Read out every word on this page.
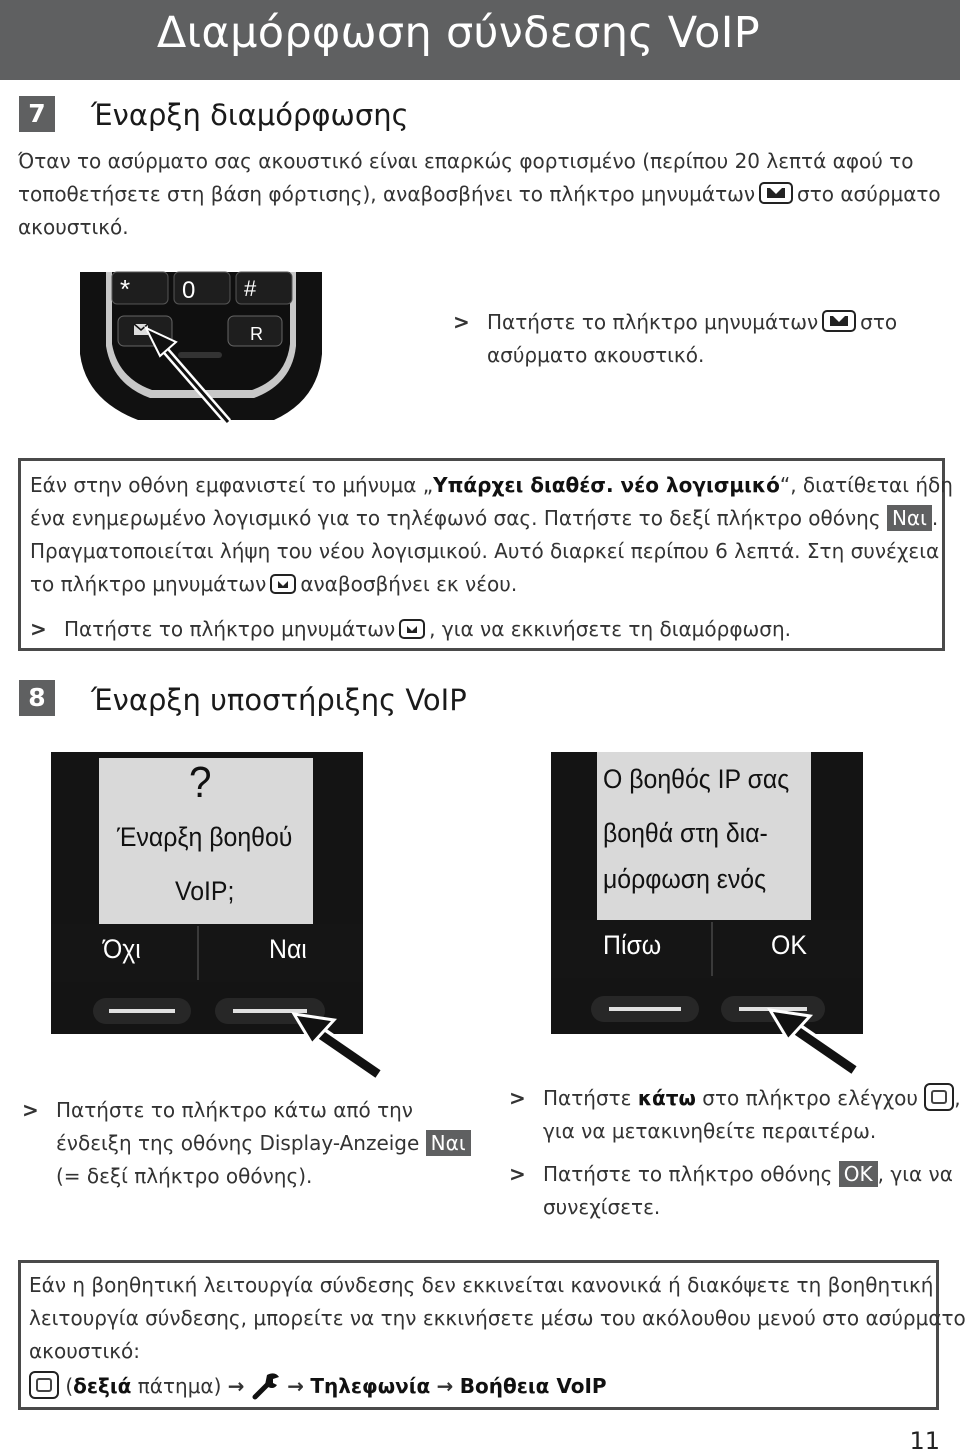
Διαμόρφωση σύνδεσης VoIP
7	Έναρξη διαμόρφωσης
Όταν το ασύρματο σας ακουστικό είναι επαρκώς φορτισμένο (περίπου 20 λεπτά αφού το
τοποθετήσετε στη βάση φόρτισης), αναβοσβήνει το πλήκτρο μηνυμάτων στο ασύρματο
ακουστικό.
* 0 #
R
>	Πατήστε το πλήκτρο μηνυμάτων στο
ασύρματο ακουστικό.
Εάν στην οθόνη εμφανιστεί το μήνυμα „Υπάρχει διαθέσ. νέο λογισμικό“, διατίθεται ήδη
ένα ενημερωμένο λογισμικό για το τηλέφωνό σας. Πατήστε το δεξί πλήκτρο οθόνης Ναι .
Πραγματοποιείται λήψη του νέου λογισμικού. Αυτό διαρκεί περίπου 6 λεπτά. Στη συνέχεια
το πλήκτρο μηνυμάτων αναβοσβήνει εκ νέου.
> Πατήστε το πλήκτρο μηνυμάτων , για να εκκινήσετε τη διαμόρφωση.
8	Έναρξη υποστήριξης VoIP
?
Έναρξη βοηθού
VoIP;
Όχι	Ναι
Ο βοηθός IP σας
βοηθά στη δια-
μόρφωση ενός
Πίσω	OK
> Πατήστε το πλήκτρο κάτω από την
ένδειξη της οθόνης Display-Anzeige Ναι
(= δεξί πλήκτρο οθόνης).
> Πατήστε κάτω στο πλήκτρο ελέγχου ,
για να μετακινηθείτε περαιτέρω.
> Πατήστε το πλήκτρο οθόνης OK , για να
συνεχίσετε.
Εάν η βοηθητική λειτουργία σύνδεσης δεν εκκινείται κανονικά ή διακόψετε τη βοηθητική
λειτουργία σύνδεσης, μπορείτε να την εκκινήσετε μέσω του ακόλουθου μενού στο ασύρματο
ακουστικό:
(δεξιά πάτημα) → → Τηλεφωνία → Βοήθεια VoIP
11
